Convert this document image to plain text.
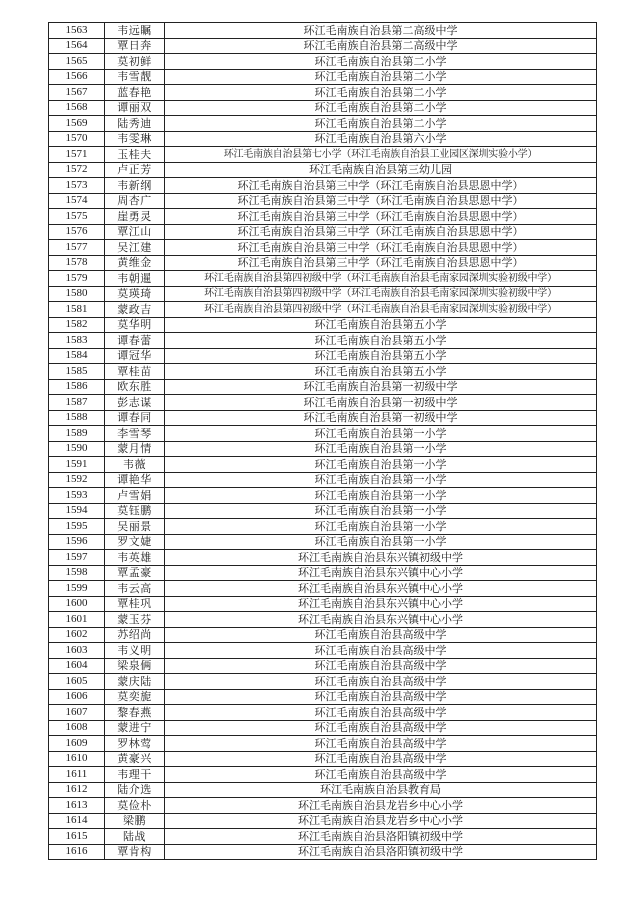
1563	韦远瞩	环江毛南族自治县第二高级中学
1564	覃日奔	环江毛南族自治县第二高级中学
1565	莫初鲜	环江毛南族自治县第二小学
1566	韦雪靓	环江毛南族自治县第二小学
1567	蓝春艳	环江毛南族自治县第二小学
1568	谭丽双	环江毛南族自治县第二小学
1569	陆秀迪	环江毛南族自治县第二小学
1570	韦雯琳	环江毛南族自治县第六小学
1571	玉桂夫	环江毛南族自治县第七小学（环江毛南族自治县工业园区深圳实验小学）
1572	卢正芳	环江毛南族自治县第三幼儿园
1573	韦新纲	环江毛南族自治县第三中学（环江毛南族自治县思恩中学）
1574	周杏广	环江毛南族自治县第三中学（环江毛南族自治县思恩中学）
1575	崖勇灵	环江毛南族自治县第三中学（环江毛南族自治县思恩中学）
1576	覃江山	环江毛南族自治县第三中学（环江毛南族自治县思恩中学）
1577	吴江建	环江毛南族自治县第三中学（环江毛南族自治县思恩中学）
1578	黄维金	环江毛南族自治县第三中学（环江毛南族自治县思恩中学）
1579	韦朝暹	环江毛南族自治县第四初级中学（环江毛南族自治县毛南家园深圳实验初级中学）
1580	莫瑛琦	环江毛南族自治县第四初级中学（环江毛南族自治县毛南家园深圳实验初级中学）
1581	蒙政吉	环江毛南族自治县第四初级中学（环江毛南族自治县毛南家园深圳实验初级中学）
1582	莫华明	环江毛南族自治县第五小学
1583	谭春蕾	环江毛南族自治县第五小学
1584	谭冠华	环江毛南族自治县第五小学
1585	覃桂苗	环江毛南族自治县第五小学
1586	欧东胜	环江毛南族自治县第一初级中学
1587	彭志谋	环江毛南族自治县第一初级中学
1588	谭春同	环江毛南族自治县第一初级中学
1589	李雪琴	环江毛南族自治县第一小学
1590	蒙月情	环江毛南族自治县第一小学
1591	韦薇	环江毛南族自治县第一小学
1592	谭艳华	环江毛南族自治县第一小学
1593	卢雪娟	环江毛南族自治县第一小学
1594	莫钰鹏	环江毛南族自治县第一小学
1595	吴丽景	环江毛南族自治县第一小学
1596	罗文婕	环江毛南族自治县第一小学
1597	韦英雄	环江毛南族自治县东兴镇初级中学
1598	覃孟豪	环江毛南族自治县东兴镇中心小学
1599	韦云高	环江毛南族自治县东兴镇中心小学
1600	覃桂巩	环江毛南族自治县东兴镇中心小学
1601	蒙玉芬	环江毛南族自治县东兴镇中心小学
1602	苏绍尚	环江毛南族自治县高级中学
1603	韦义明	环江毛南族自治县高级中学
1604	梁泉俩	环江毛南族自治县高级中学
1605	蒙庆陆	环江毛南族自治县高级中学
1606	莫奕旎	环江毛南族自治县高级中学
1607	黎春燕	环江毛南族自治县高级中学
1608	蒙进宁	环江毛南族自治县高级中学
1609	罗林莺	环江毛南族自治县高级中学
1610	黄豪兴	环江毛南族自治县高级中学
1611	韦理干	环江毛南族自治县高级中学
1612	陆介选	环江毛南族自治县教育局
1613	莫俭朴	环江毛南族自治县龙岩乡中心小学
1614	梁鹏	环江毛南族自治县龙岩乡中心小学
1615	陆战	环江毛南族自治县洛阳镇初级中学
1616	覃肯构	环江毛南族自治县洛阳镇初级中学
